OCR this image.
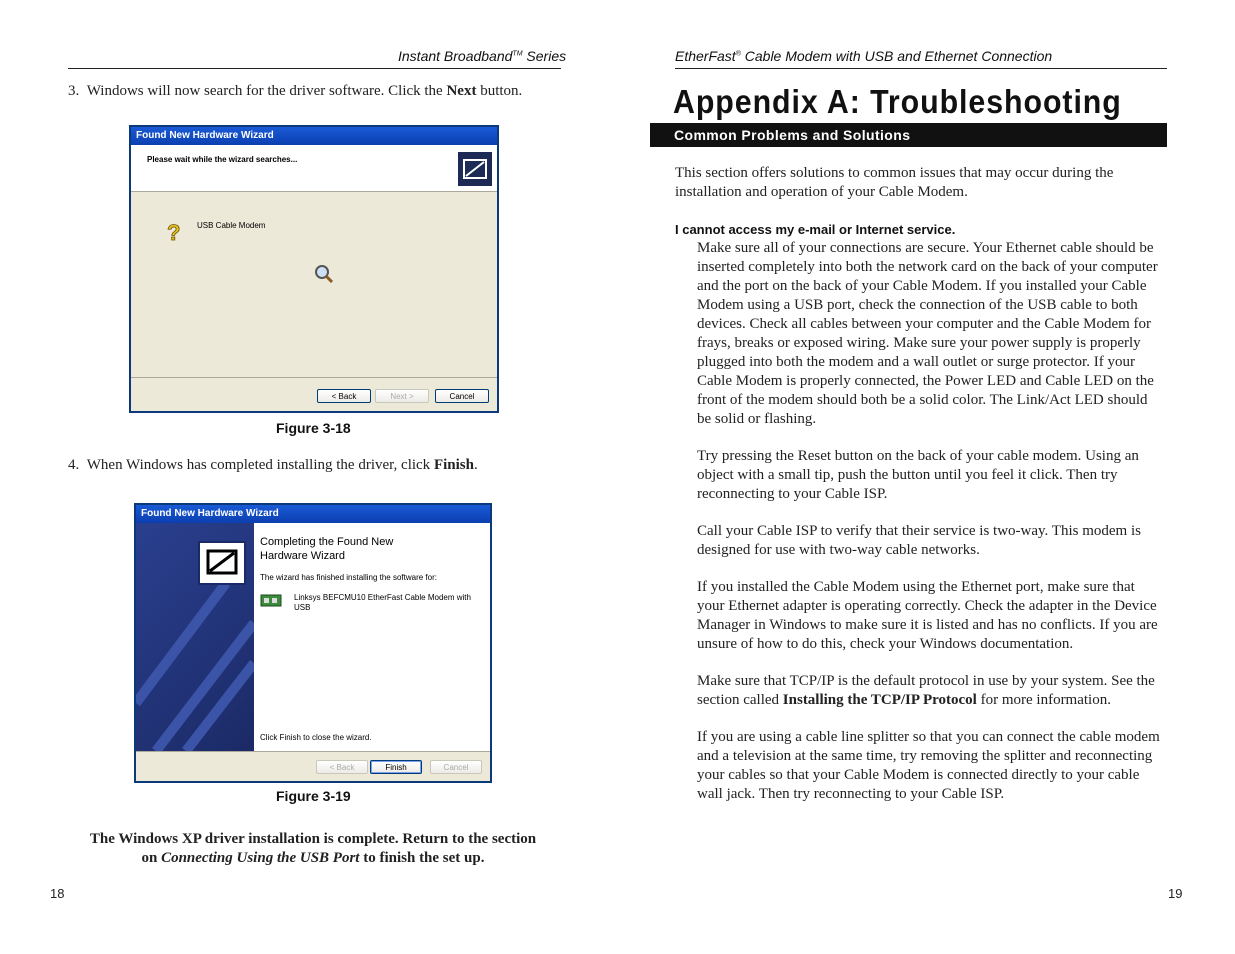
Instant Broadband™ Series
3. Windows will now search for the driver software. Click the Next button.
Found New Hardware Wizard
Please wait while the wizard searches...
? USB Cable Modem
< Back	Next >	Cancel
Figure 3-18
4. When Windows has completed installing the driver, click Finish.
Found New Hardware Wizard
Completing the Found New Hardware Wizard
The wizard has finished installing the software for:
Linksys BEFCMU10 EtherFast Cable Modem with USB
Click Finish to close the wizard.
< Back	Finish	Cancel
Figure 3-19
The Windows XP driver installation is complete. Return to the section
on Connecting Using the USB Port to finish the set up.
18
EtherFast® Cable Modem with USB and Ethernet Connection
Appendix A: Troubleshooting
Common Problems and Solutions
This section offers solutions to common issues that may occur during the installation and operation of your Cable Modem.
I cannot access my e-mail or Internet service.

Make sure all of your connections are secure. Your Ethernet cable should be inserted completely into both the network card on the back of your computer and the port on the back of your Cable Modem. If you installed your Cable Modem using a USB port, check the connection of the USB cable to both devices. Check all cables between your computer and the Cable Modem for frays, breaks or exposed wiring. Make sure your power supply is properly plugged into both the modem and a wall outlet or surge protector. If your Cable Modem is properly connected, the Power LED and Cable LED on the front of the modem should both be a solid color. The Link/Act LED should be solid or flashing.

Try pressing the Reset button on the back of your cable modem. Using an object with a small tip, push the button until you feel it click. Then try reconnecting to your Cable ISP.

Call your Cable ISP to verify that their service is two-way. This modem is designed for use with two-way cable networks.

If you installed the Cable Modem using the Ethernet port, make sure that your Ethernet adapter is operating correctly. Check the adapter in the Device Manager in Windows to make sure it is listed and has no conflicts. If you are unsure of how to do this, check your Windows documentation.

Make sure that TCP/IP is the default protocol in use by your system. See the section called Installing the TCP/IP Protocol for more information.

If you are using a cable line splitter so that you can connect the cable modem and a television at the same time, try removing the splitter and reconnecting your cables so that your Cable Modem is connected directly to your cable wall jack. Then try reconnecting to your Cable ISP.

19
